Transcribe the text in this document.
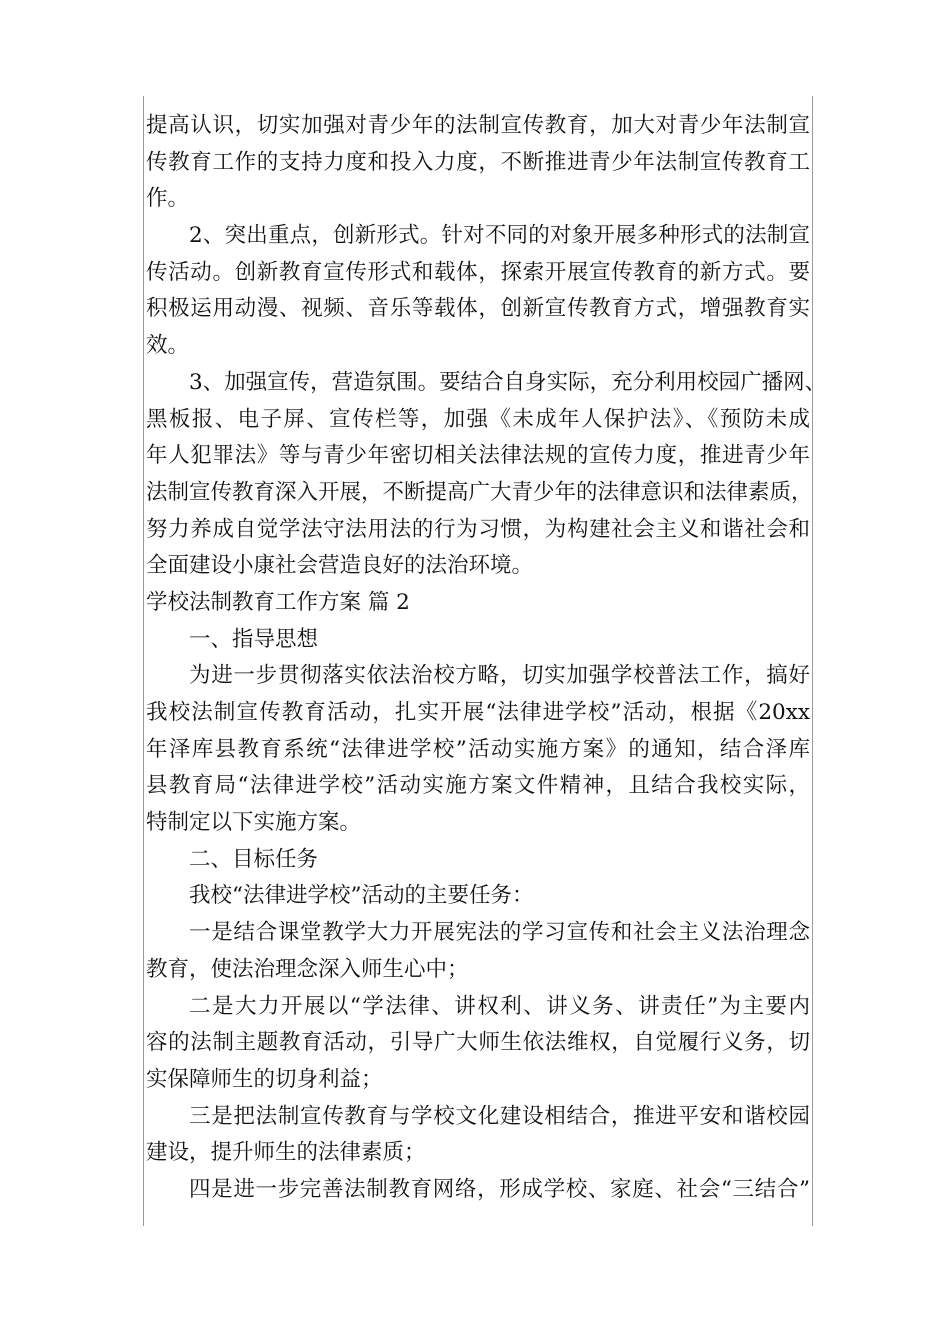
提高认识，切实加强对青少年的法制宣传教育，加大对青少年法制宣
传教育工作的支持力度和投入力度，不断推进青少年法制宣传教育工
作。
2、突出重点，创新形式。针对不同的对象开展多种形式的法制宣
传活动。创新教育宣传形式和载体，探索开展宣传教育的新方式。要
积极运用动漫、视频、音乐等载体，创新宣传教育方式，增强教育实
效。
3、加强宣传，营造氛围。要结合自身实际，充分利用校园广播网、
黑板报、电子屏、宣传栏等，加强《未成年人保护法》、《预防未成
年人犯罪法》等与青少年密切相关法律法规的宣传力度，推进青少年
法制宣传教育深入开展，不断提高广大青少年的法律意识和法律素质，
努力养成自觉学法守法用法的行为习惯，为构建社会主义和谐社会和
全面建设小康社会营造良好的法治环境。
学校法制教育工作方案 篇 2
一、指导思想
为进一步贯彻落实依法治校方略，切实加强学校普法工作，搞好
我校法制宣传教育活动，扎实开展“法律进学校”活动，根据《20xx
年泽库县教育系统“法律进学校”活动实施方案》的通知，结合泽库
县教育局“法律进学校”活动实施方案文件精神，且结合我校实际，
特制定以下实施方案。
二、目标任务
我校“法律进学校”活动的主要任务：
一是结合课堂教学大力开展宪法的学习宣传和社会主义法治理念
教育，使法治理念深入师生心中；
二是大力开展以“学法律、讲权利、讲义务、讲责任”为主要内
容的法制主题教育活动，引导广大师生依法维权，自觉履行义务，切
实保障师生的切身利益；
三是把法制宣传教育与学校文化建设相结合，推进平安和谐校园
建设，提升师生的法律素质；
四是进一步完善法制教育网络，形成学校、家庭、社会“三结合”
